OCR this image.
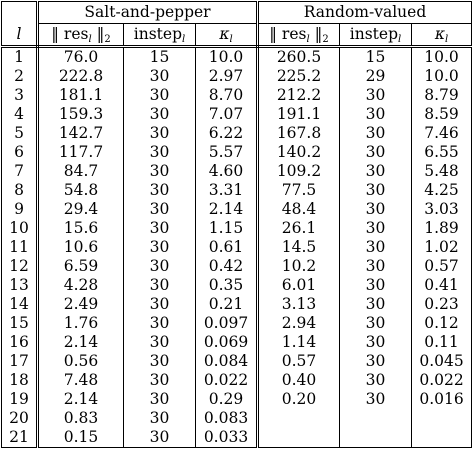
	Salt-and-pepper			Random-valued		
l	‖ res$_l$ $‖_2$	instep$_l$	$\kappa_l$	‖ res$_l$ $‖_2$	instep$_l$	$\kappa_l$
1	76.0	15	10.0	260.5	15	10.0
2	222.8	30	2.97	225.2	29	10.0
3	181.1	30	8.70	212.2	30	8.79
4	159.3	30	7.07	191.1	30	8.59
5	142.7	30	6.22	167.8	30	7.46
6	117.7	30	5.57	140.2	30	6.55
7	84.7	30	4.60	109.2	30	5.48
8	54.8	30	3.31	77.5	30	4.25
9	29.4	30	2.14	48.4	30	3.03
10	15.6	30	1.15	26.1	30	1.89
11	10.6	30	0.61	14.5	30	1.02
12	6.59	30	0.42	10.2	30	0.57
13	4.28	30	0.35	6.01	30	0.41
14	2.49	30	0.21	3.13	30	0.23
15	1.76	30	0.097	2.94	30	0.12
16	2.14	30	0.069	1.14	30	0.11
17	0.56	30	0.084	0.57	30	0.045
18	7.48	30	0.022	0.40	30	0.022
19	2.14	30	0.29	0.20	30	0.016
20	0.83	30	0.083			
21	0.15	30	0.033			
